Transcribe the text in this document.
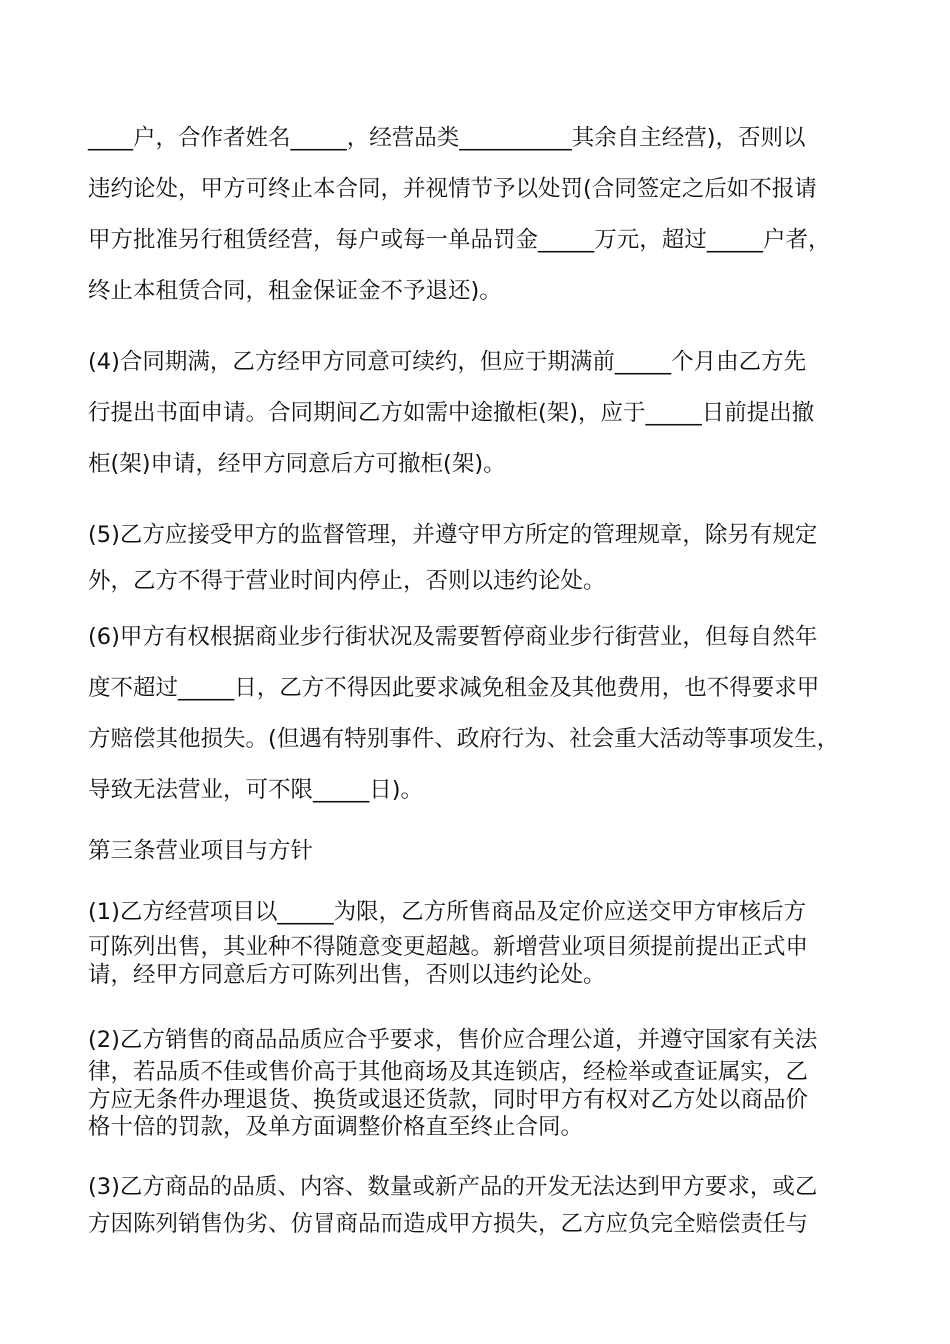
____户，合作者姓名_____，经营品类__________其余自主经营)，否则以
违约论处，甲方可终止本合同，并视情节予以处罚(合同签定之后如不报请
甲方批准另行租赁经营，每户或每一单品罚金_____万元，超过_____户者，
终止本租赁合同，租金保证金不予退还)。
(4)合同期满，乙方经甲方同意可续约，但应于期满前_____个月由乙方先
行提出书面申请。合同期间乙方如需中途撤柜(架)，应于_____日前提出撤
柜(架)申请，经甲方同意后方可撤柜(架)。
(5)乙方应接受甲方的监督管理，并遵守甲方所定的管理规章，除另有规定
外，乙方不得于营业时间内停止，否则以违约论处。
(6)甲方有权根据商业步行街状况及需要暂停商业步行街营业，但每自然年
度不超过_____日，乙方不得因此要求减免租金及其他费用，也不得要求甲
方赔偿其他损失。(但遇有特别事件、政府行为、社会重大活动等事项发生，
导致无法营业，可不限_____日)。
第三条营业项目与方针
(1)乙方经营项目以_____为限，乙方所售商品及定价应送交甲方审核后方
可陈列出售，其业种不得随意变更超越。新增营业项目须提前提出正式申
请，经甲方同意后方可陈列出售，否则以违约论处。
(2)乙方销售的商品品质应合乎要求，售价应合理公道，并遵守国家有关法
律，若品质不佳或售价高于其他商场及其连锁店，经检举或查证属实，乙
方应无条件办理退货、换货或退还货款，同时甲方有权对乙方处以商品价
格十倍的罚款，及单方面调整价格直至终止合同。
(3)乙方商品的品质、内容、数量或新产品的开发无法达到甲方要求，或乙
方因陈列销售伪劣、仿冒商品而造成甲方损失，乙方应负完全赔偿责任与
